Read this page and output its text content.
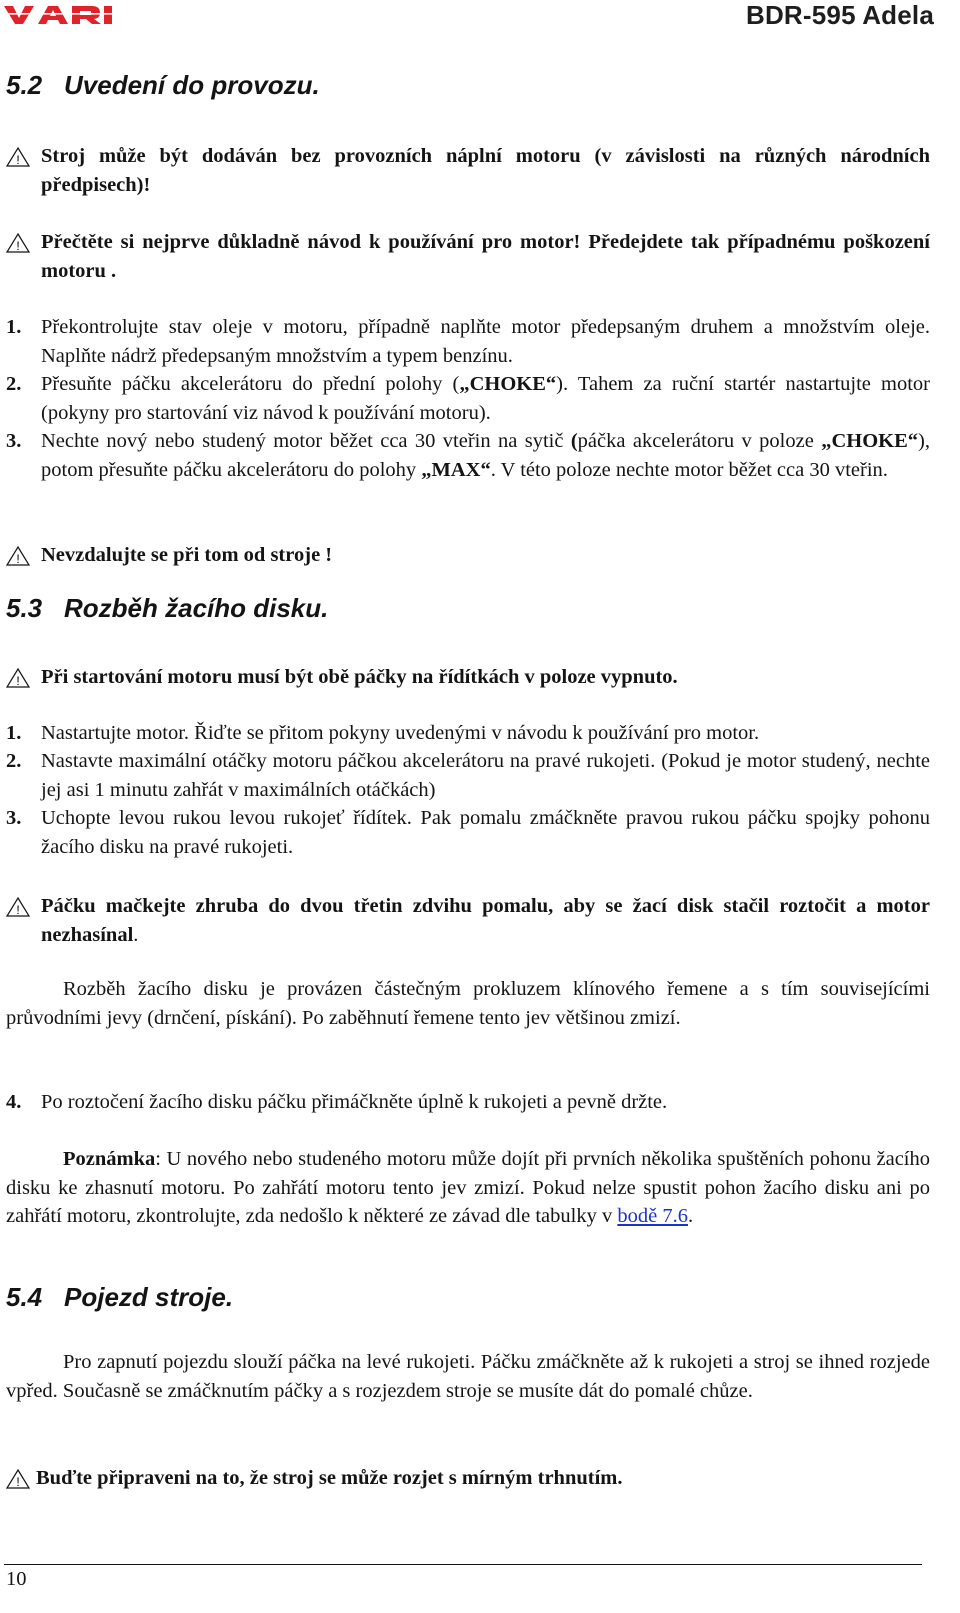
BDR-595 Adela
5.2 Uvedení do provozu.
! Stroj může být dodáván bez provozních náplní motoru (v závislosti na různých národních předpisech)!
! Přečtěte si nejprve důkladně návod k používání pro motor! Předejdete tak případnému poškození motoru .
1. Překontrolujte stav oleje v motoru, případně naplňte motor předepsaným druhem a množstvím oleje. Naplňte nádrž předepsaným množstvím a typem benzínu.
2. Přesuňte páčku akcelerátoru do přední polohy („CHOKE“). Tahem za ruční startér nastartujte motor (pokyny pro startování viz návod k používání motoru).
3. Nechte nový nebo studený motor běžet cca 30 vteřin na sytič (páčka akcelerátoru v poloze „CHOKE“), potom přesuňte páčku akcelerátoru do polohy „MAX“. V této poloze nechte motor běžet cca 30 vteřin.
! Nevzdalujte se při tom od stroje !
5.3 Rozběh žacího disku.
! Při startování motoru musí být obě páčky na řídítkách v poloze vypnuto.
1. Nastartujte motor. Řiďte se přitom pokyny uvedenými v návodu k používání pro motor.
2. Nastavte maximální otáčky motoru páčkou akcelerátoru na pravé rukojeti. (Pokud je motor studený, nechte jej asi 1 minutu zahřát v maximálních otáčkách)
3. Uchopte levou rukou levou rukojeť řídítek. Pak pomalu zmáčkněte pravou rukou páčku spojky pohonu žacího disku na pravé rukojeti.
! Páčku mačkejte zhruba do dvou třetin zdvihu pomalu, aby se žací disk stačil roztočit a motor nezhasínal.
Rozběh žacího disku je provázen částečným prokluzem klínového řemene a s tím souvisejícími průvodními jevy (drnčení, pískání). Po zaběhnutí řemene tento jev většinou zmizí.
4. Po roztočení žacího disku páčku přimáčkněte úplně k rukojeti a pevně držte.
Poznámka: U nového nebo studeného motoru může dojít při prvních několika spuštěních pohonu žacího disku ke zhasnutí motoru. Po zahřátí motoru tento jev zmizí. Pokud nelze spustit pohon žacího disku ani po zahřátí motoru, zkontrolujte, zda nedošlo k některé ze závad dle tabulky v bodě 7.6.
5.4 Pojezd stroje.
Pro zapnutí pojezdu slouží páčka na levé rukojeti. Páčku zmáčkněte až k rukojeti a stroj se ihned rozjede vpřed. Současně se zmáčknutím páčky a s rozjezdem stroje se musíte dát do pomalé chůze.
! Buďte připraveni na to, že stroj se může rozjet s mírným trhnutím.
10
